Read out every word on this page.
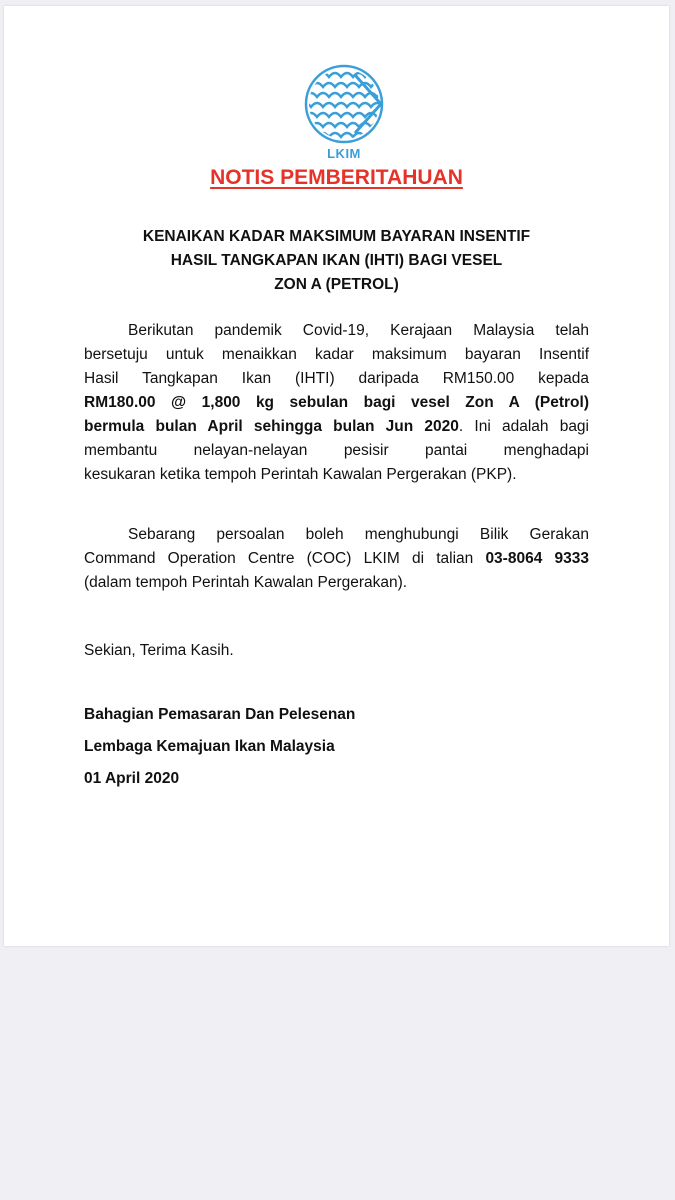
LKIM
NOTIS PEMBERITAHUAN
KENAIKAN KADAR MAKSIMUM BAYARAN INSENTIF
HASIL TANGKAPAN IKAN (IHTI) BAGI VESEL
ZON A (PETROL)
Berikutan pandemik Covid-19, Kerajaan Malaysia telah
bersetuju untuk menaikkan kadar maksimum bayaran Insentif
Hasil Tangkapan Ikan (IHTI) daripada RM150.00 kepada
RM180.00 @ 1,800 kg sebulan bagi vesel Zon A (Petrol)
bermula bulan April sehingga bulan Jun 2020. Ini adalah bagi
membantu nelayan-nelayan pesisir pantai menghadapi
kesukaran ketika tempoh Perintah Kawalan Pergerakan (PKP).
Sebarang persoalan boleh menghubungi Bilik Gerakan
Command Operation Centre (COC) LKIM di talian 03-8064 9333
(dalam tempoh Perintah Kawalan Pergerakan).
Sekian, Terima Kasih.
Bahagian Pemasaran Dan Pelesenan
Lembaga Kemajuan Ikan Malaysia
01 April 2020
